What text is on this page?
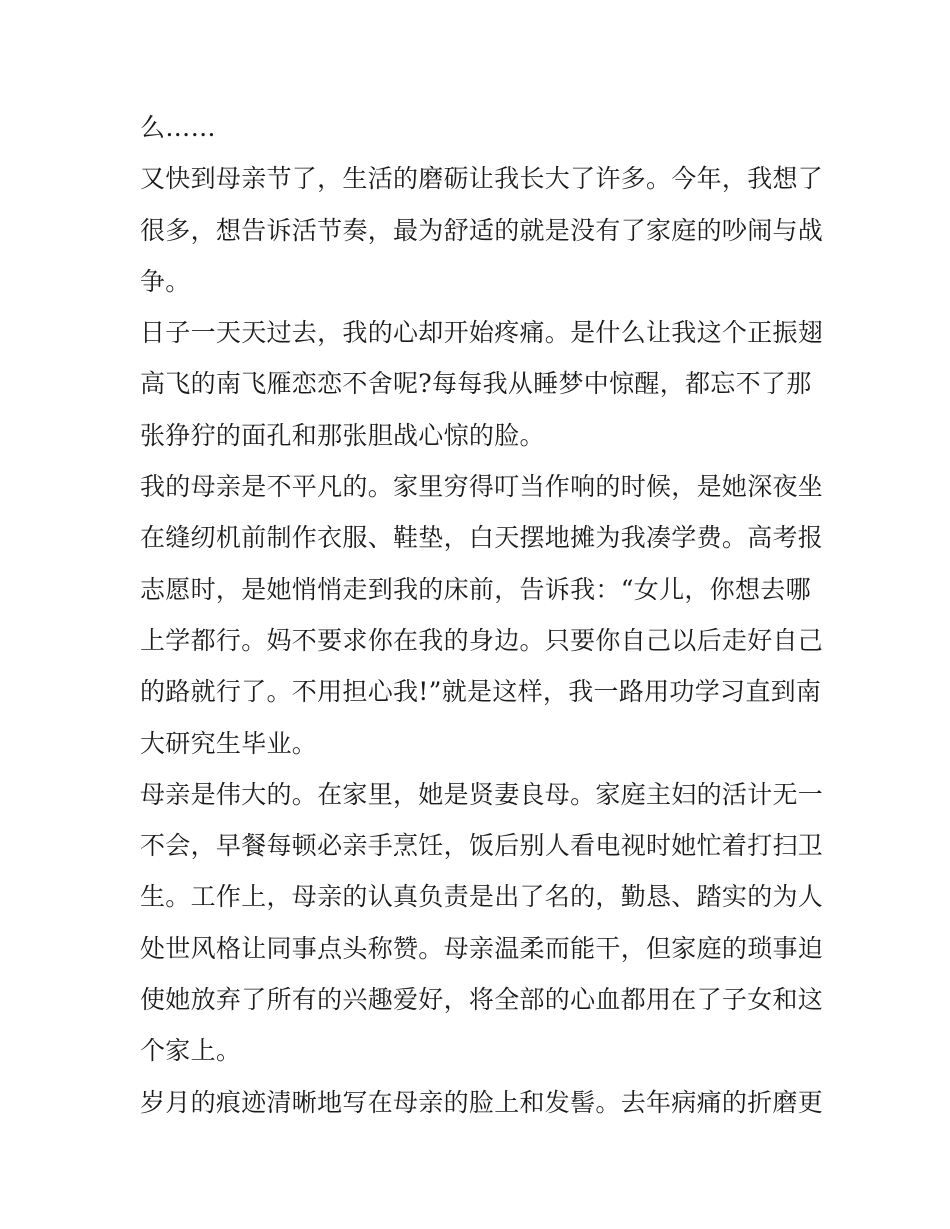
么……
又快到母亲节了，生活的磨砺让我长大了许多。今年，我想了
很多，想告诉活节奏，最为舒适的就是没有了家庭的吵闹与战
争。
日子一天天过去，我的心却开始疼痛。是什么让我这个正振翅
高飞的南飞雁恋恋不舍呢?每每我从睡梦中惊醒，都忘不了那
张狰狞的面孔和那张胆战心惊的脸。
我的母亲是不平凡的。家里穷得叮当作响的时候，是她深夜坐
在缝纫机前制作衣服、鞋垫，白天摆地摊为我凑学费。高考报
志愿时，是她悄悄走到我的床前，告诉我：“女儿，你想去哪
上学都行。妈不要求你在我的身边。只要你自己以后走好自己
的路就行了。不用担心我!”就是这样，我一路用功学习直到南
大研究生毕业。
母亲是伟大的。在家里，她是贤妻良母。家庭主妇的活计无一
不会，早餐每顿必亲手烹饪，饭后别人看电视时她忙着打扫卫
生。工作上，母亲的认真负责是出了名的，勤恳、踏实的为人
处世风格让同事点头称赞。母亲温柔而能干，但家庭的琐事迫
使她放弃了所有的兴趣爱好，将全部的心血都用在了子女和这
个家上。
岁月的痕迹清晰地写在母亲的脸上和发髻。去年病痛的折磨更
